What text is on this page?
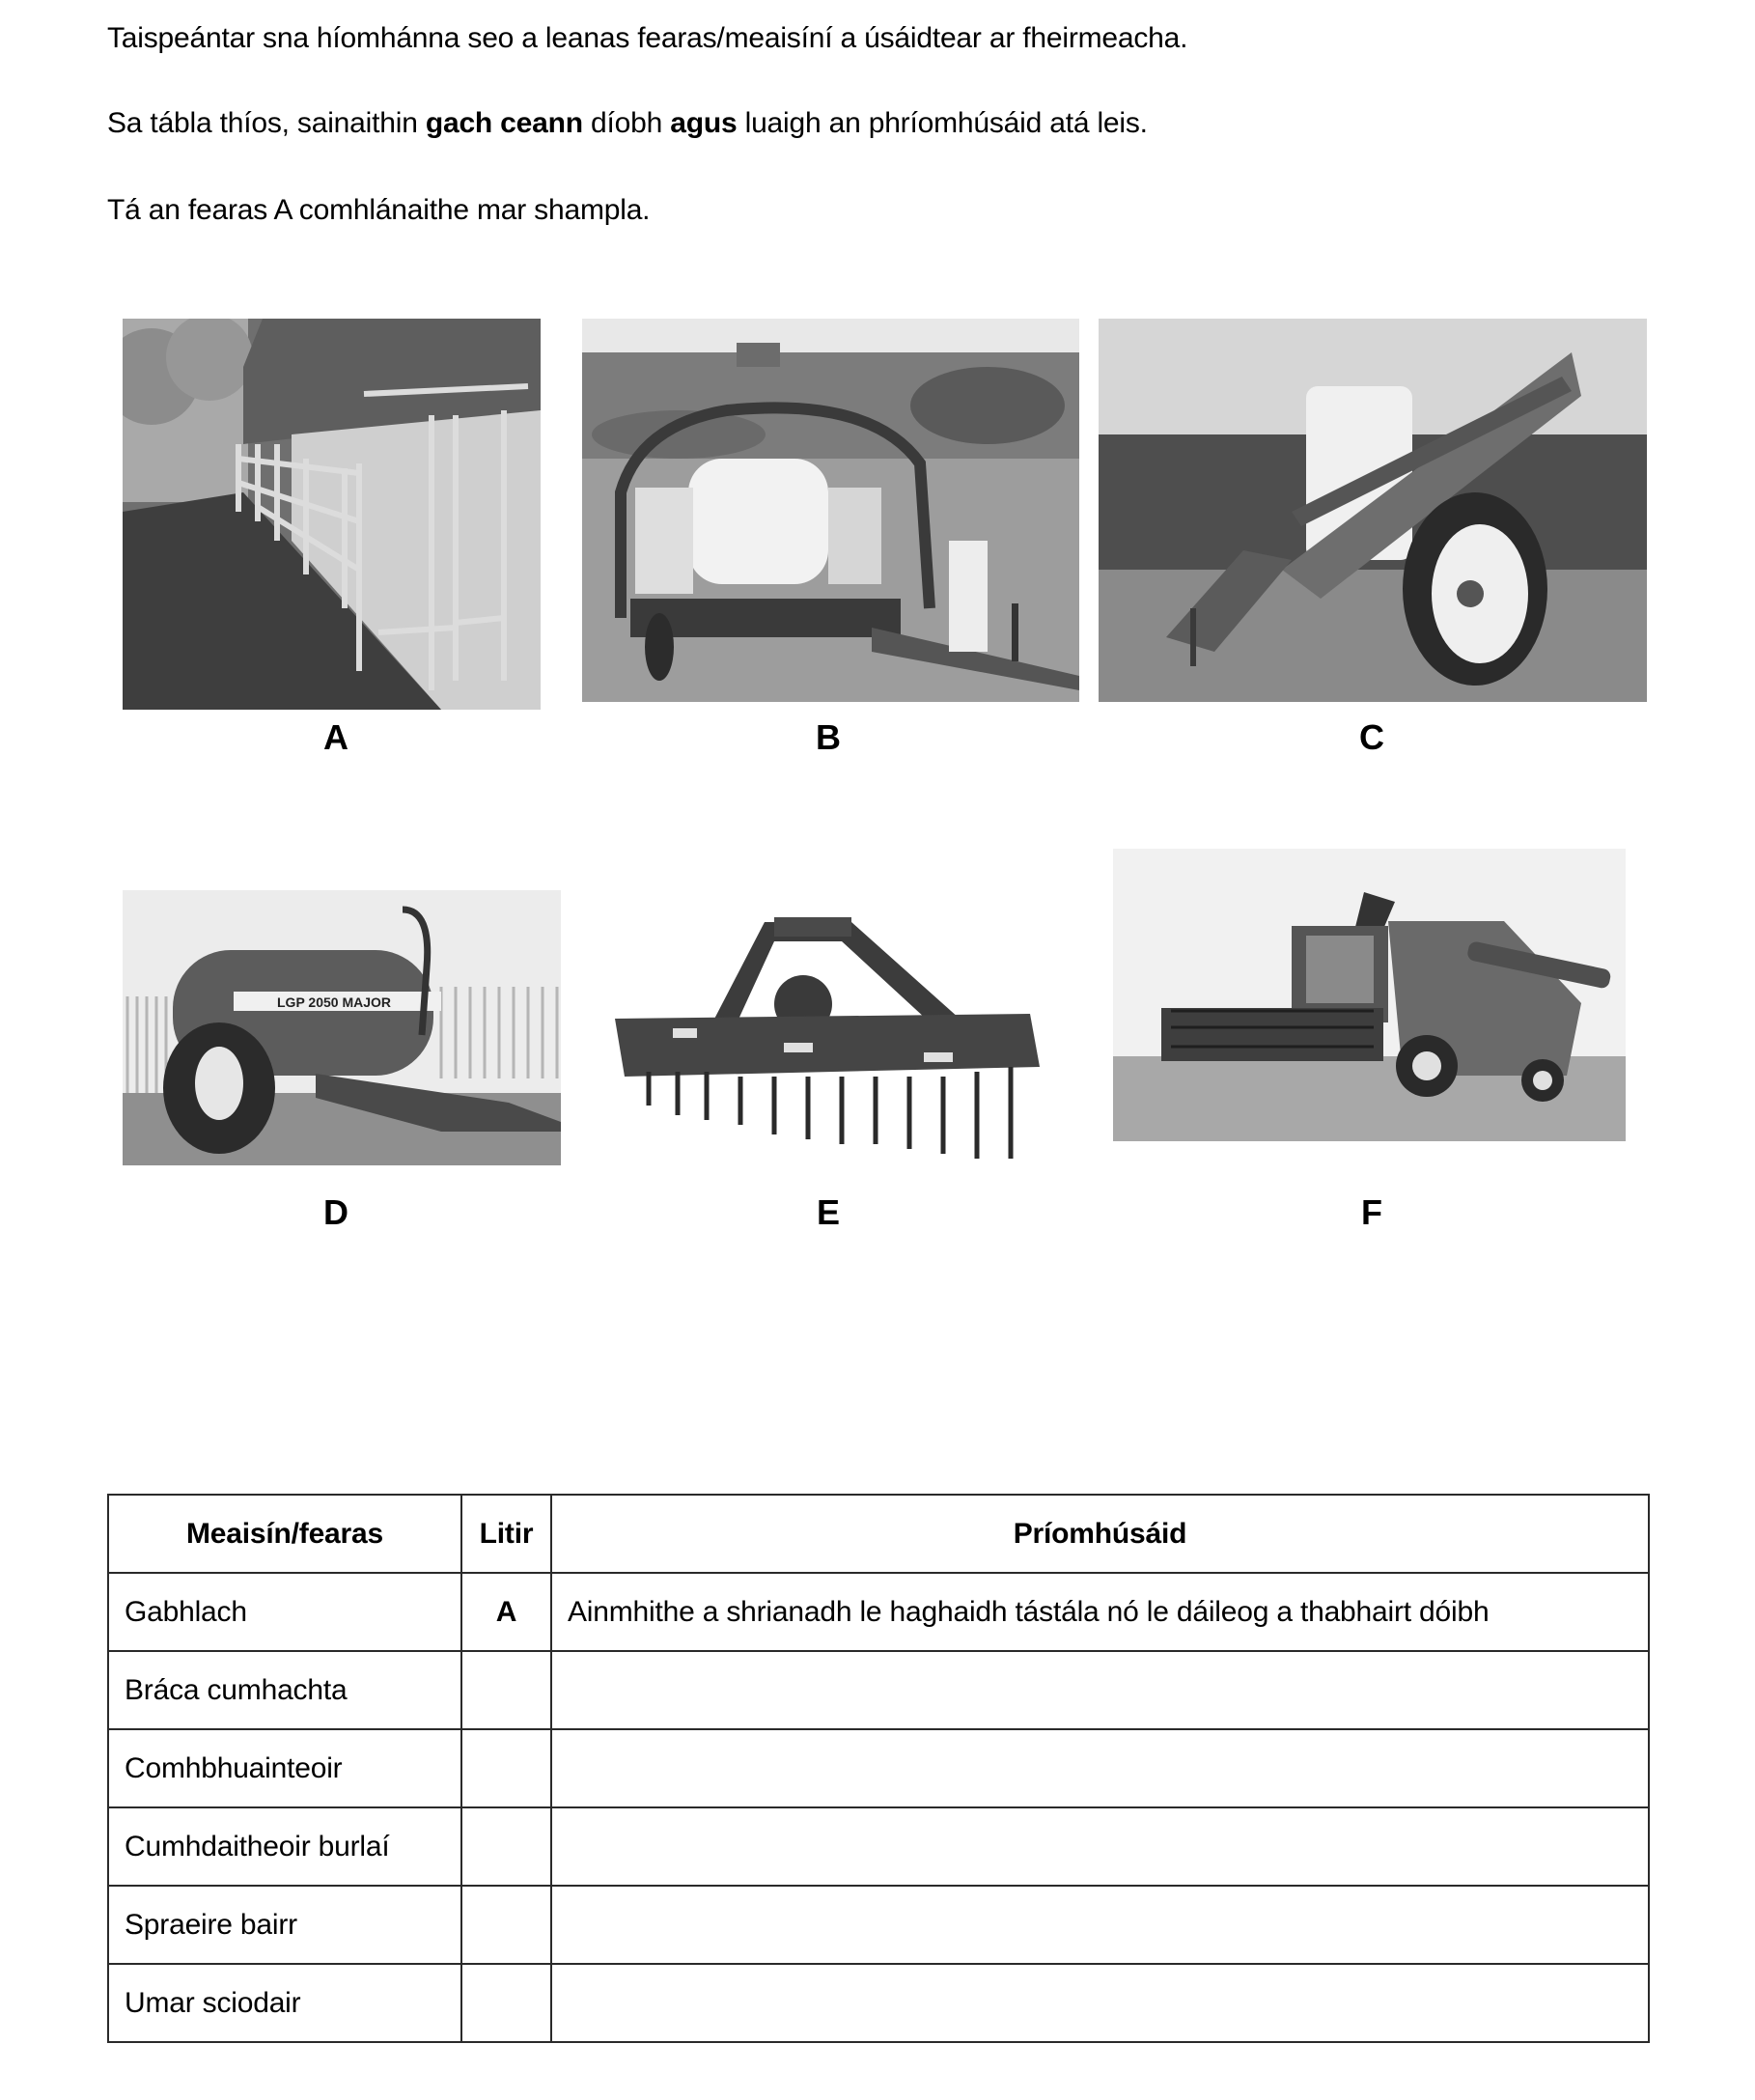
Taispeántar sna híomhánna seo a leanas fearas/meaisíní a úsáidtear ar fheirmeacha.
Sa tábla thíos, sainaithin gach ceann díobh agus luaigh an phríomhúsáid atá leis.
Tá an fearas A comhlánaithe mar shampla.
A	B	C
LGP 2050 MAJOR
D	E	F
Meaisín/fearas	Litir	Príomhúsáid
Gabhlach	A	Ainmhithe a shrianadh le haghaidh tástála nó le dáileog a thabhairt dóibh
Bráca cumhachta		
Comhbhuainteoir		
Cumhdaitheoir burlaí		
Spraeire bairr		
Umar sciodair		
